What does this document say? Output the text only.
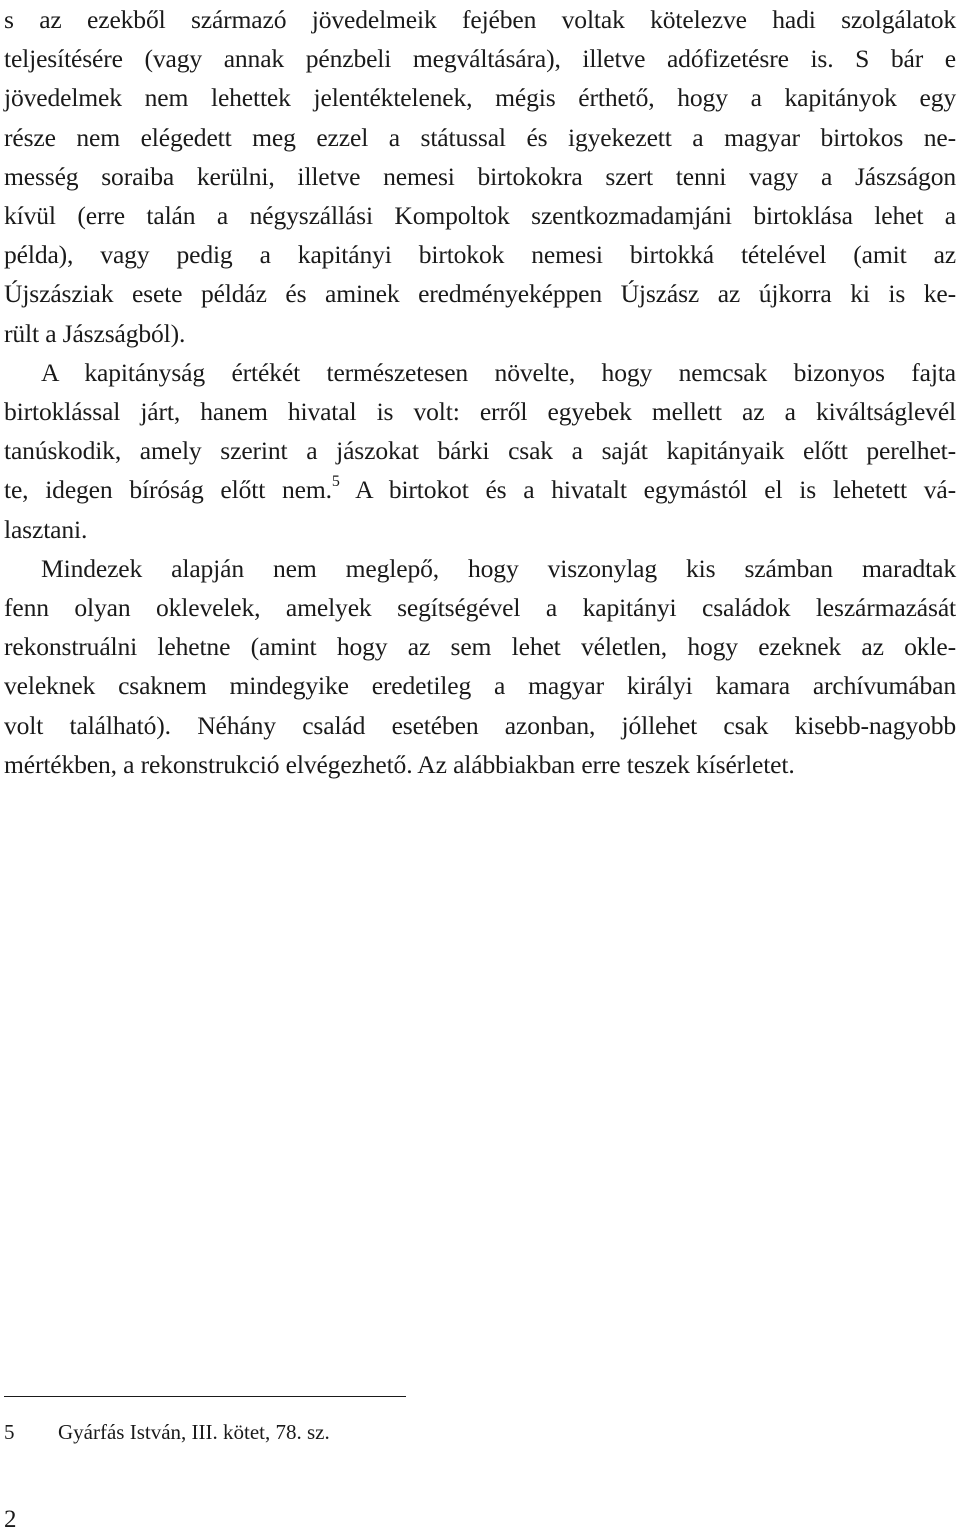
s az ezekből származó jövedelmeik fejében voltak kötelezve hadi szolgálatok
teljesítésére (vagy annak pénzbeli megváltására), illetve adófizetésre is. S bár e
jövedelmek nem lehettek jelentéktelenek, mégis érthető, hogy a kapitányok egy
része nem elégedett meg ezzel a státussal és igyekezett a magyar birtokos ne-
messég soraiba kerülni, illetve nemesi birtokokra szert tenni vagy a Jászságon
kívül (erre talán a négyszállási Kompoltok szentkozmadamjáni birtoklása lehet a
példa), vagy pedig a kapitányi birtokok nemesi birtokká tételével (amit az
Újszásziak esete példáz és aminek eredményeképpen Újszász az újkorra ki is ke-
rült a Jászságból).

A kapitányság értékét természetesen növelte, hogy nemcsak bizonyos fajta
birtoklással járt, hanem hivatal is volt: erről egyebek mellett az a kiváltságlevél
tanúskodik, amely szerint a jászokat bárki csak a saját kapitányaik előtt perelhet-
te, idegen bíróság előtt nem.$^5$ A birtokot és a hivatalt egymástól el is lehetett vá-
lasztani.

Mindezek alapján nem meglepő, hogy viszonylag kis számban maradtak
fenn olyan oklevelek, amelyek segítségével a kapitányi családok leszármazását
rekonstruálni lehetne (amint hogy az sem lehet véletlen, hogy ezeknek az okle-
veleknek csaknem mindegyike eredetileg a magyar királyi kamara archívumában
volt található). Néhány család esetében azonban, jóllehet csak kisebb-nagyobb
mértékben, a rekonstrukció elvégezhető. Az alábbiakban erre teszek kísérletet.

5 Gyárfás István, III. kötet, 78. sz.
2
